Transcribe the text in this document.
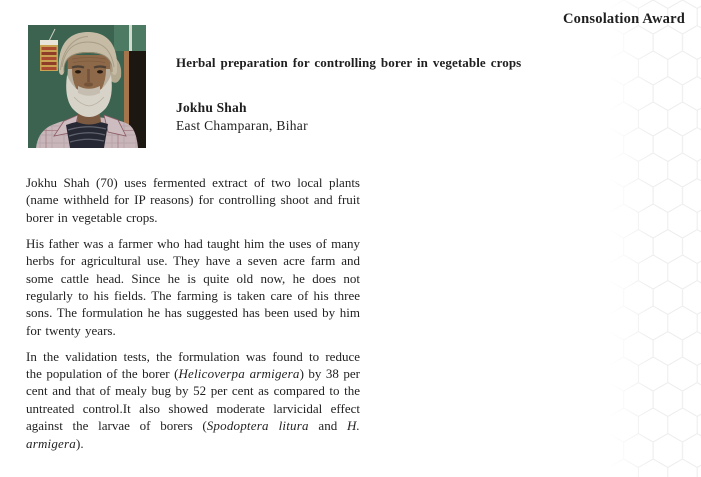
Consolation Award
Herbal preparation for controlling borer in vegetable crops
Jokhu Shah
East Champaran, Bihar

Jokhu Shah (70) uses fermented extract of two local plants (name withheld for IP reasons) for controlling shoot and fruit borer in vegetable crops.

His father was a farmer who had taught him the uses of many herbs for agricultural use. They have a seven acre farm and some cattle head. Since he is quite old now, he does not regularly to his fields. The farming is taken care of his three sons. The formulation he has suggested has been used by him for twenty years.

In the validation tests, the formulation was found to reduce the population of the borer (Helicoverpa armigera) by 38 per cent and that of mealy bug by 52 per cent as compared to the untreated control.It also showed moderate larvicidal effect against the larvae of borers (Spodoptera litura and H. armigera).
